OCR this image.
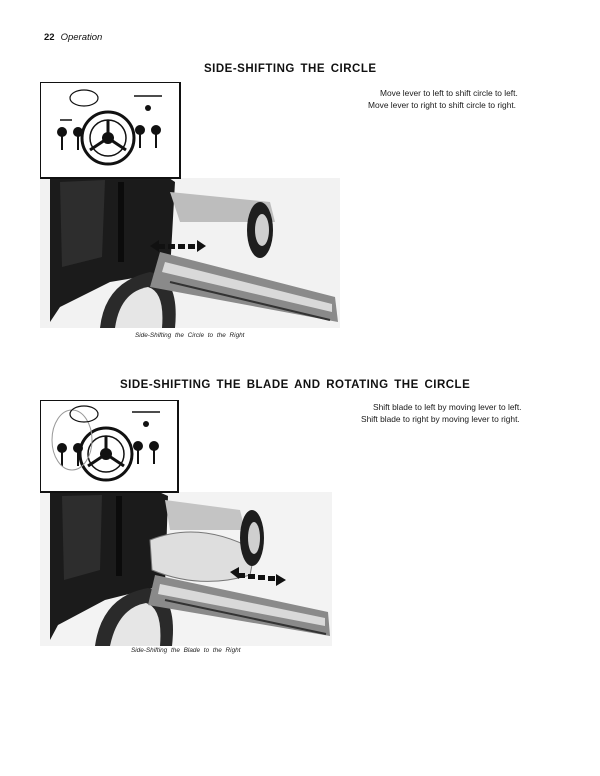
22 Operation
SIDE-SHIFTING THE CIRCLE
Move lever to left to shift circle to left. Move lever to right to shift circle to right.
Side-Shifting the Circle to the Right
SIDE-SHIFTING THE BLADE AND ROTATING THE CIRCLE
Shift blade to left by moving lever to left. Shift blade to right by moving lever to right.
Side-Shifting the Blade to the Right
